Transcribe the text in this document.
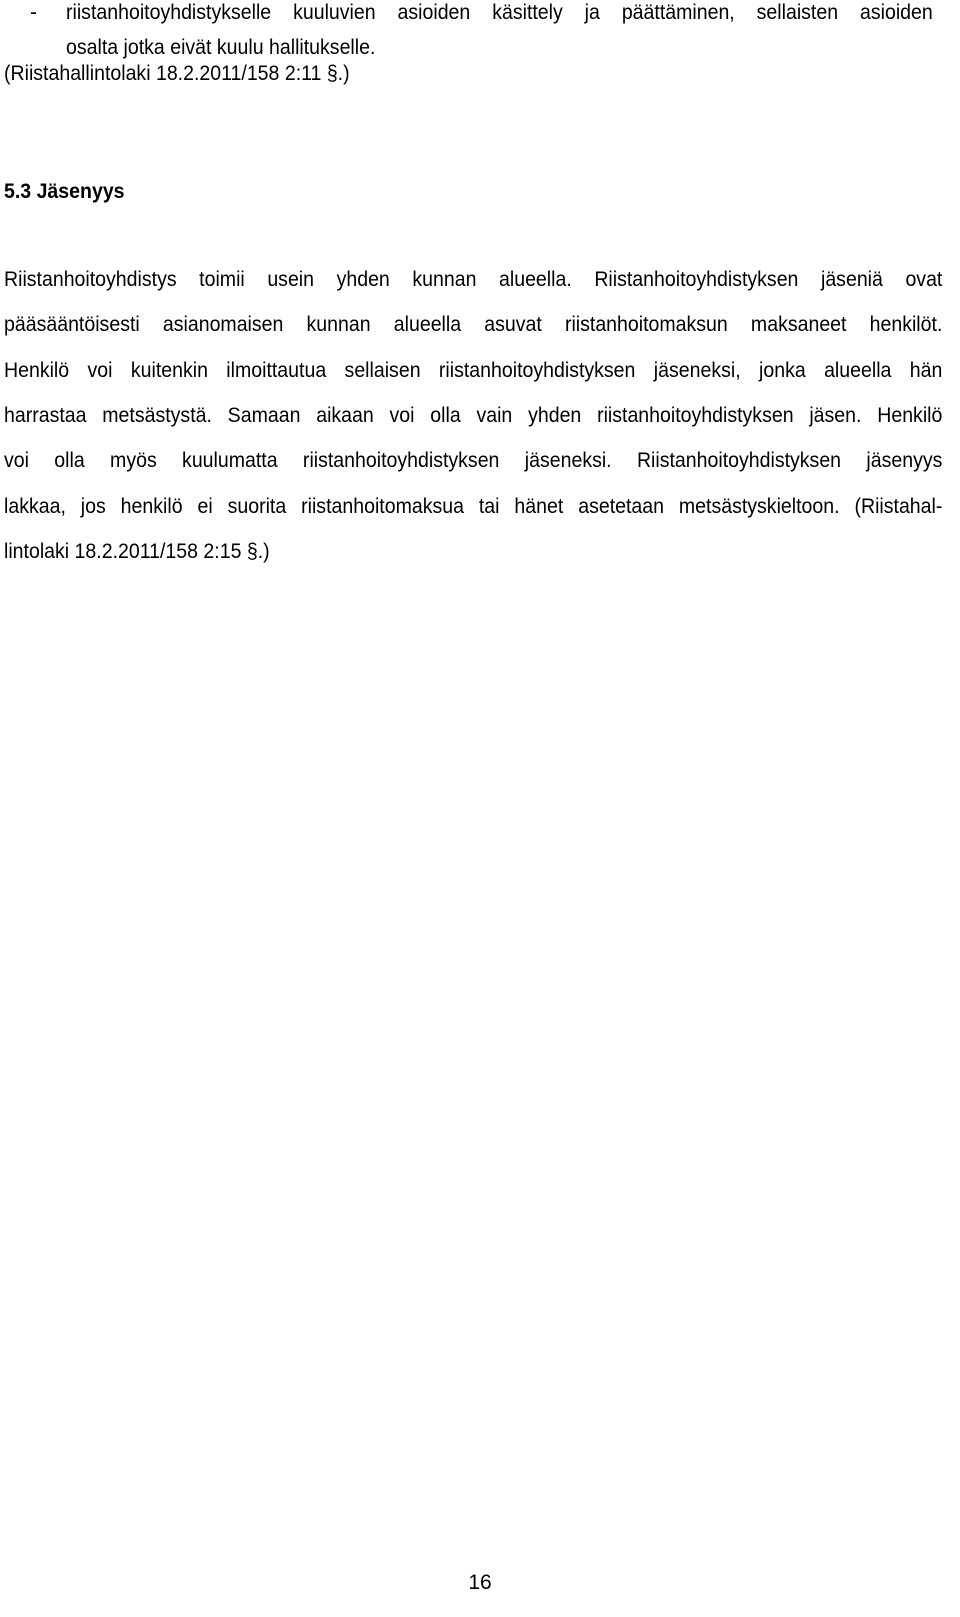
- riistanhoitoyhdistykselle kuuluvien asioiden käsittely ja päättäminen, sellaisten asioiden
osalta jotka eivät kuulu hallitukselle.
(Riistahallintolaki 18.2.2011/158 2:11 §.)
5.3 Jäsenyys
Riistanhoitoyhdistys toimii usein yhden kunnan alueella. Riistanhoitoyhdistyksen jäseniä ovat
pääsääntöisesti asianomaisen kunnan alueella asuvat riistanhoitomaksun maksaneet henkilöt.
Henkilö voi kuitenkin ilmoittautua sellaisen riistanhoitoyhdistyksen jäseneksi, jonka alueella hän
harrastaa metsästystä. Samaan aikaan voi olla vain yhden riistanhoitoyhdistyksen jäsen. Henkilö
voi olla myös kuulumatta riistanhoitoyhdistyksen jäseneksi. Riistanhoitoyhdistyksen jäsenyys
lakkaa, jos henkilö ei suorita riistanhoitomaksua tai hänet asetetaan metsästyskieltoon. (Riistahal-
lintolaki 18.2.2011/158 2:15 §.)
16
